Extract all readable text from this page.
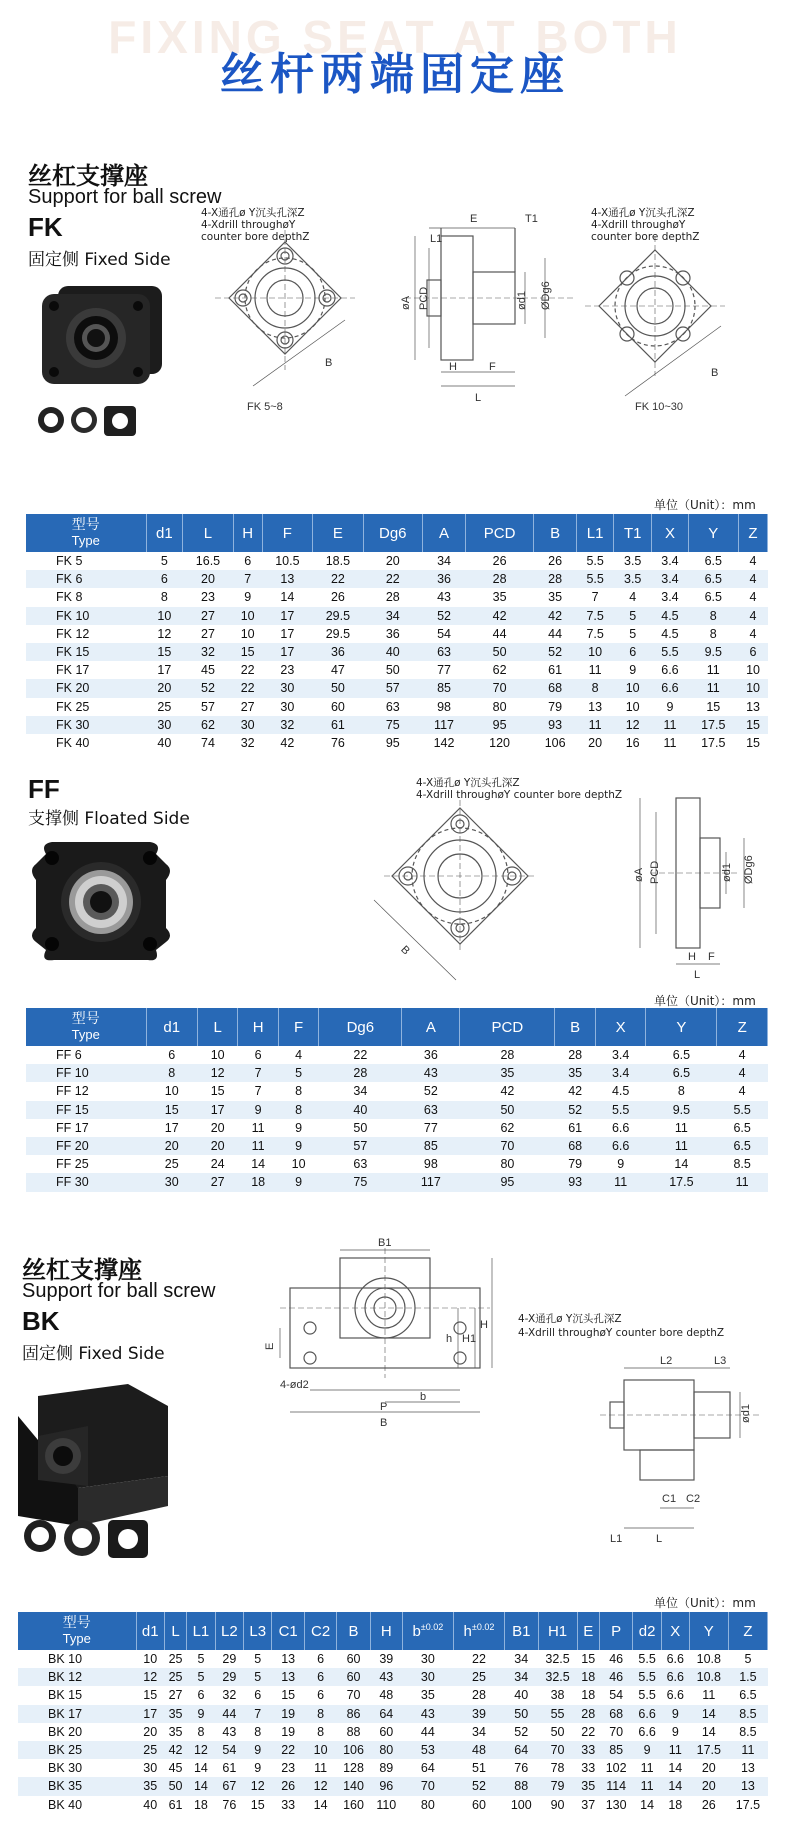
FIXING SEAT AT BOTH
丝杆两端固定座
丝杠支撑座
Support for ball screw
FK
固定侧 Fixed Side
4-X通孔ø Y沉头孔深Z
4-Xdrill throughøY
counter bore depthZ
B
FK 5~8
E	T1
L1
øA PCD	ød1 ØDg6
H	F
L
4-X通孔ø Y沉头孔深Z
4-Xdrill throughøY
counter bore depthZ
B
FK 10~30
单位（Unit）：mm
型号
Type	d1	L	H	F	E	Dg6	A	PCD	B	L1	T1	X	Y	Z
FK 5	5	16.5	6	10.5	18.5	20	34	26	26	5.5	3.5	3.4	6.5	4
FK 6	6	20	7	13	22	22	36	28	28	5.5	3.5	3.4	6.5	4
FK 8	8	23	9	14	26	28	43	35	35	7	4	3.4	6.5	4
FK 10	10	27	10	17	29.5	34	52	42	42	7.5	5	4.5	8	4
FK 12	12	27	10	17	29.5	36	54	44	44	7.5	5	4.5	8	4
FK 15	15	32	15	17	36	40	63	50	52	10	6	5.5	9.5	6
FK 17	17	45	22	23	47	50	77	62	61	11	9	6.6	11	10
FK 20	20	52	22	30	50	57	85	70	68	8	10	6.6	11	10
FK 25	25	57	27	30	60	63	98	80	79	13	10	9	15	13
FK 30	30	62	30	32	61	75	117	95	93	11	12	11	17.5	15
FK 40	40	74	32	42	76	95	142	120	106	20	16	11	17.5	15
FF
支撑侧 Floated Side
4-X通孔ø Y沉头孔深Z
4-Xdrill throughøY counter bore depthZ
B
øA PCD	ød1 ØDg6
F
H
L
单位（Unit）：mm
型号
Type	d1	L	H	F	Dg6	A	PCD	B	X	Y	Z
FF 6	6	10	6	4	22	36	28	28	3.4	6.5	4
FF 10	8	12	7	5	28	43	35	35	3.4	6.5	4
FF 12	10	15	7	8	34	52	42	42	4.5	8	4
FF 15	15	17	9	8	40	63	50	52	5.5	9.5	5.5
FF 17	17	20	11	9	50	77	62	61	6.6	11	6.5
FF 20	20	20	11	9	57	85	70	68	6.6	11	6.5
FF 25	25	24	14	10	63	98	80	79	9	14	8.5
FF 30	30	27	18	9	75	117	95	93	11	17.5	11
丝杠支撑座
Support for ball screw
BK
固定侧 Fixed Side
B1
E
h H1
H
4-ød2
b
P
B
4-X通孔ø Y沉头孔深Z
4-Xdrill throughøY counter bore depthZ
L2	L3
ød1
C1 C2
L1	L
单位（Unit）：mm
型号
Type	d1	L	L1	L2	L3	C1	C2	B	H	$b^{\pm 0.02}$	$h^{\pm 0.02}$	B1	H1	E	P	d2	X	Y	Z
BK 10	10	25	5	29	5	13	6	60	39	30	22	34	32.5	15	46	5.5	6.6	10.8	5
BK 12	12	25	5	29	5	13	6	60	43	30	25	34	32.5	18	46	5.5	6.6	10.8	1.5
BK 15	15	27	6	32	6	15	6	70	48	35	28	40	38	18	54	5.5	6.6	11	6.5
BK 17	17	35	9	44	7	19	8	86	64	43	39	50	55	28	68	6.6	9	14	8.5
BK 20	20	35	8	43	8	19	8	88	60	44	34	52	50	22	70	6.6	9	14	8.5
BK 25	25	42	12	54	9	22	10	106	80	53	48	64	70	33	85	9	11	17.5	11
BK 30	30	45	14	61	9	23	11	128	89	64	51	76	78	33	102	11	14	20	13
BK 35	35	50	14	67	12	26	12	140	96	70	52	88	79	35	114	11	14	20	13
BK 40	40	61	18	76	15	33	14	160	110	80	60	100	90	37	130	14	18	26	17.5
